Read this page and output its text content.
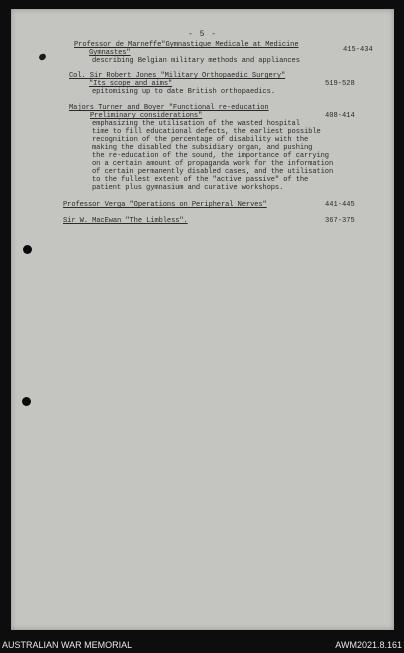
- 5 -
Professor de Marneffe"Gymnastique Medicale at Medicine
Gymnastes"	415-434
describing Belgian military methods and appliances
Col. Sir Robert Jones "Military Orthopaedic Surgery"
"Its scope and aims"	519-528
epitomising up to date British orthopaedics.
Majors Turner and Boyer "Functional re-education
Preliminary considerations"	408-414
emphasizing the utilisation of the wasted hospital
time to fill educational defects, the earliest possible
recognition of the percentage of disability with the
making the disabled the subsidiary organ, and pushing
the re-education of the sound, the importance of carrying
on a certain amount of propaganda work for the information
of certain permanently disabled cases, and the utilisation
to the fullest extent of the "active passive" of the
patient plus gymnasium and curative workshops.
Professor Verga "Operations on Peripheral Nerves"	441-445
Sir W. MacEwan "The Limbless".	367-375
AUSTRALIAN WAR MEMORIAL	AWM2021.8.161
